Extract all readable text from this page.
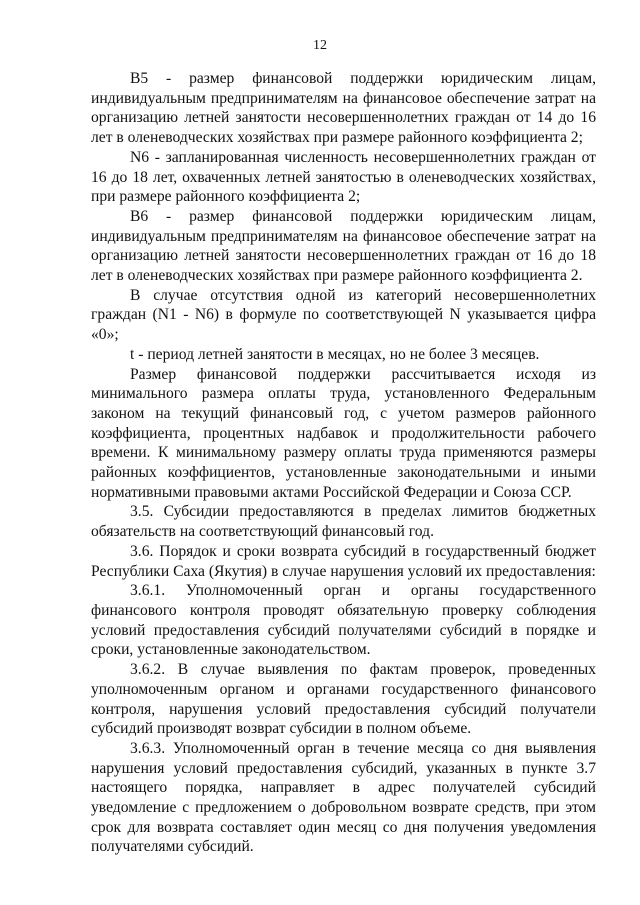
12

В5 - размер финансовой поддержки юридическим лицам, индивидуальным предпринимателям на финансовое обеспечение затрат на организацию летней занятости несовершеннолетних граждан от 14 до 16 лет в оленеводческих хозяйствах при размере районного коэффициента 2;

N6 - запланированная численность несовершеннолетних граждан от 16 до 18 лет, охваченных летней занятостью в оленеводческих хозяйствах, при размере районного коэффициента 2;

В6 - размер финансовой поддержки юридическим лицам, индивидуальным предпринимателям на финансовое обеспечение затрат на организацию летней занятости несовершеннолетних граждан от 16 до 18 лет в оленеводческих хозяйствах при размере районного коэффициента 2.

В случае отсутствия одной из категорий несовершеннолетних граждан (N1 - N6) в формуле по соответствующей N указывается цифра «0»;

t - период летней занятости в месяцах, но не более 3 месяцев.

Размер финансовой поддержки рассчитывается исходя из минимального размера оплаты труда, установленного Федеральным законом на текущий финансовый год, с учетом размеров районного коэффициента, процентных надбавок и продолжительности рабочего времени. К минимальному размеру оплаты труда применяются размеры районных коэффициентов, установленные законодательными и иными нормативными правовыми актами Российской Федерации и Союза ССР.

3.5. Субсидии предоставляются в пределах лимитов бюджетных обязательств на соответствующий финансовый год.

3.6. Порядок и сроки возврата субсидий в государственный бюджет Республики Саха (Якутия) в случае нарушения условий их предоставления:

3.6.1. Уполномоченный орган и органы государственного финансового контроля проводят обязательную проверку соблюдения условий предоставления субсидий получателями субсидий в порядке и сроки, установленные законодательством.

3.6.2. В случае выявления по фактам проверок, проведенных уполномоченным органом и органами государственного финансового контроля, нарушения условий предоставления субсидий получатели субсидий производят возврат субсидии в полном объеме.

3.6.3. Уполномоченный орган в течение месяца со дня выявления нарушения условий предоставления субсидий, указанных в пункте 3.7 настоящего порядка, направляет в адрес получателей субсидий уведомление с предложением о добровольном возврате средств, при этом срок для возврата составляет один месяц со дня получения уведомления получателями субсидий.
